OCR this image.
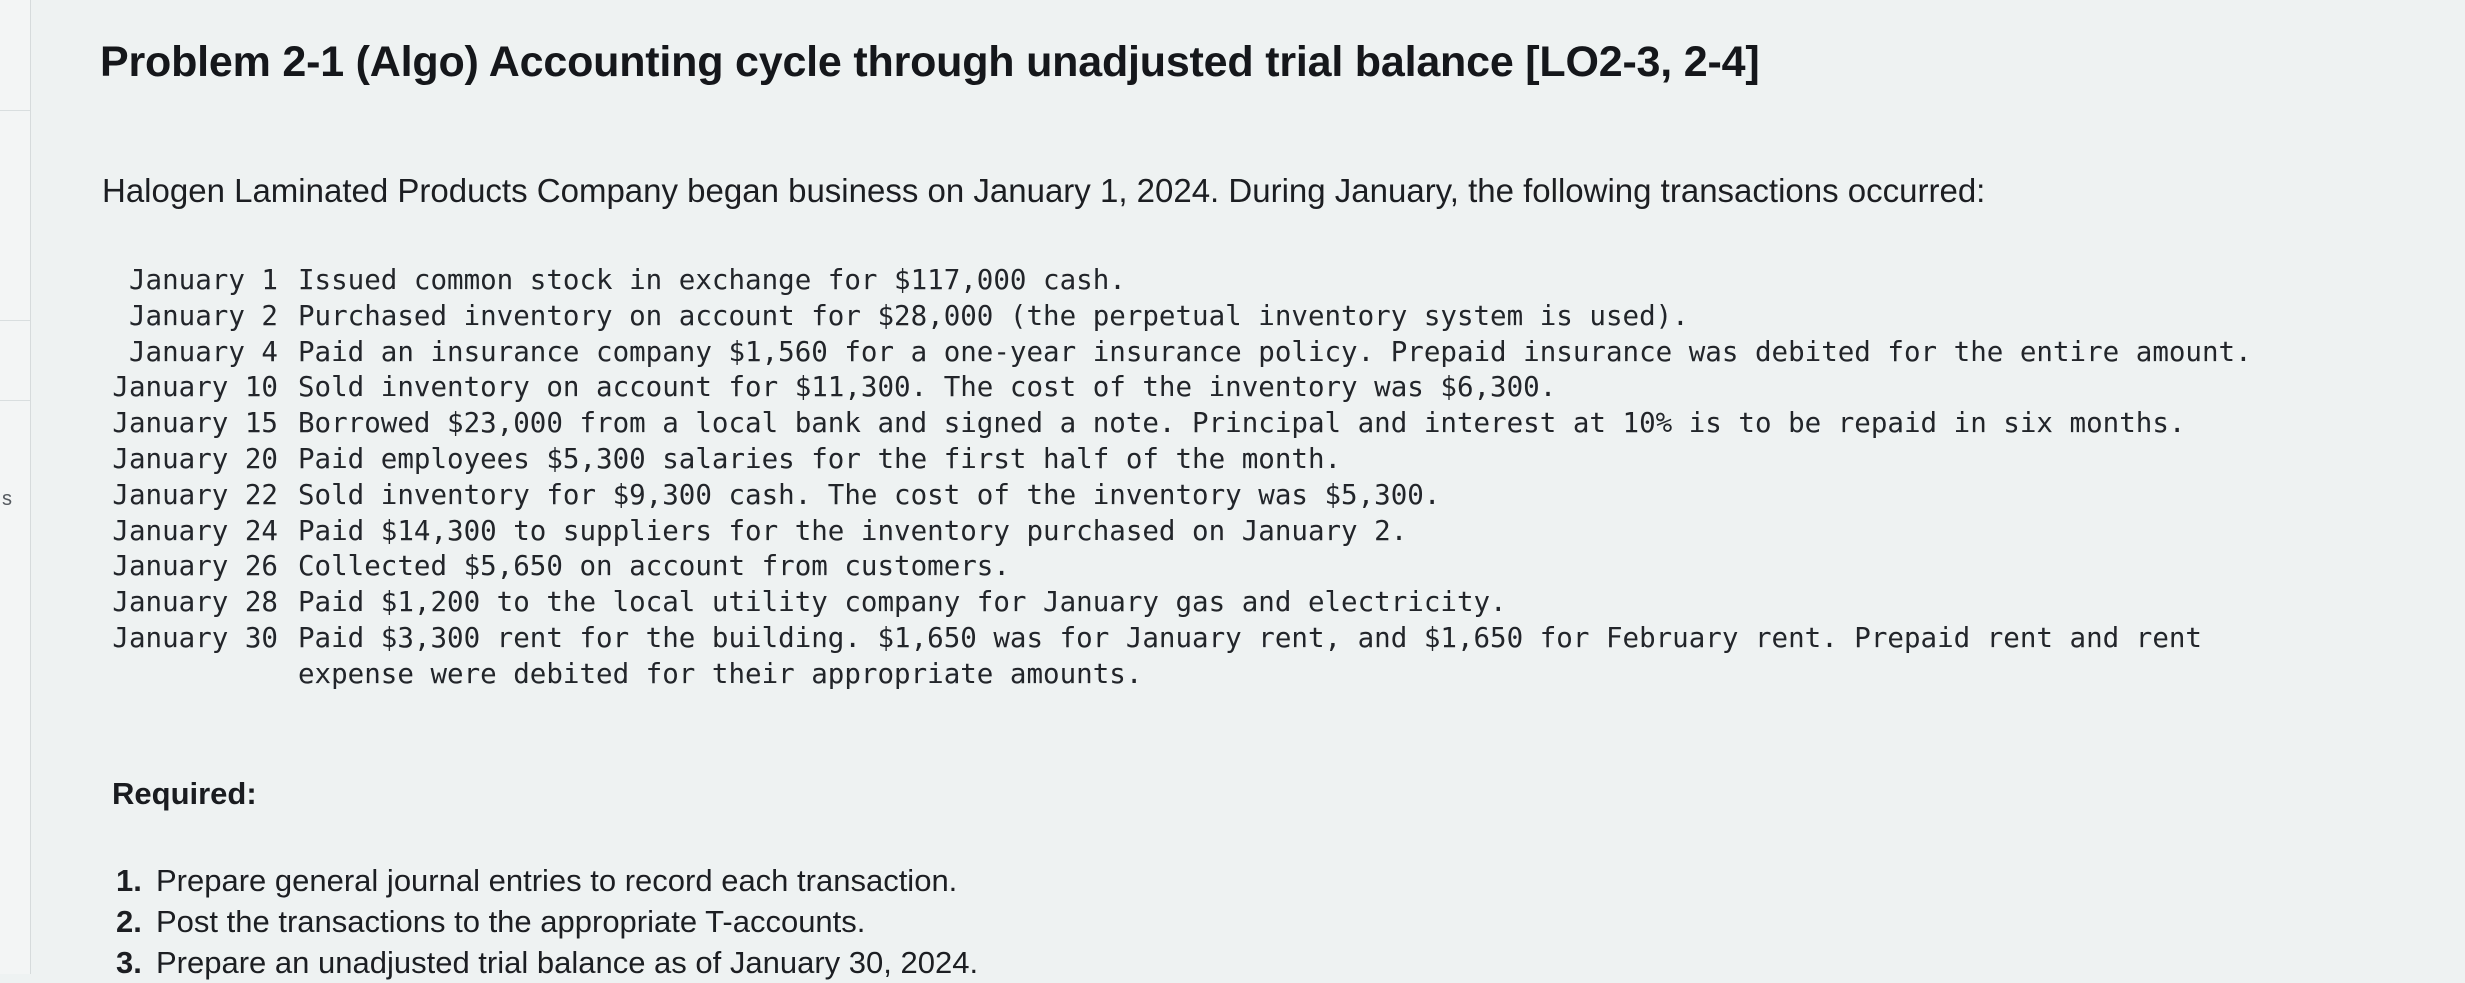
s
Problem 2-1 (Algo) Accounting cycle through unadjusted trial balance [LO2-3, 2-4]
Halogen Laminated Products Company began business on January 1, 2024. During January, the following transactions occurred:
January 1 Issued common stock in exchange for $117,000 cash.
January 2 Purchased inventory on account for $28,000 (the perpetual inventory system is used).
January 4 Paid an insurance company $1,560 for a one-year insurance policy. Prepaid insurance was debited for the entire amount.
January 10 Sold inventory on account for $11,300. The cost of the inventory was $6,300.
January 15 Borrowed $23,000 from a local bank and signed a note. Principal and interest at 10% is to be repaid in six months.
January 20 Paid employees $5,300 salaries for the first half of the month.
January 22 Sold inventory for $9,300 cash. The cost of the inventory was $5,300.
January 24 Paid $14,300 to suppliers for the inventory purchased on January 2.
January 26 Collected $5,650 on account from customers.
January 28 Paid $1,200 to the local utility company for January gas and electricity.
January 30 Paid $3,300 rent for the building. $1,650 was for January rent, and $1,650 for February rent. Prepaid rent and rent expense were debited for their appropriate amounts.
Required:
1. Prepare general journal entries to record each transaction.
2. Post the transactions to the appropriate T-accounts.
3. Prepare an unadjusted trial balance as of January 30, 2024.
